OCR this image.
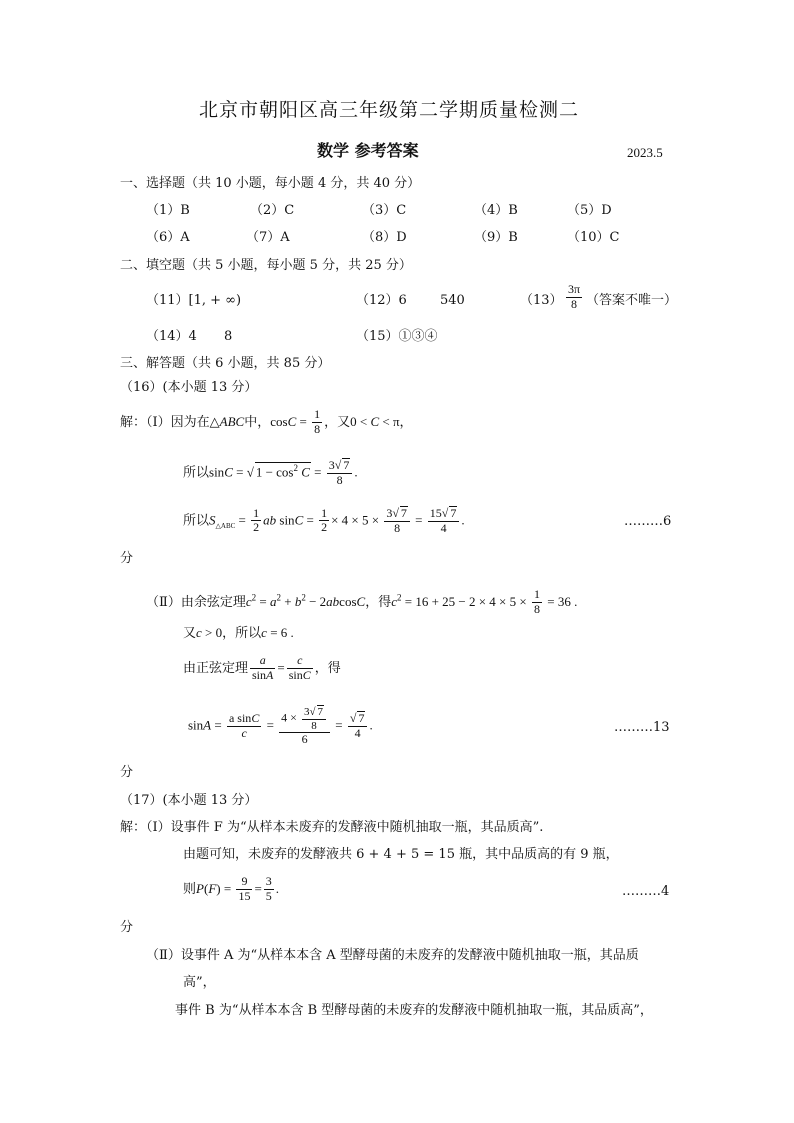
北京市朝阳区高三年级第二学期质量检测二
数学 参考答案	2023.5
一、选择题（共 10 小题，每小题 4 分，共 40 分）
（1）B	（2）C	（3）C	（4）B	（5）D
（6）A	（7）A	（8）D	（9）B	（10）C
二、填空题（共 5 小题，每小题 5 分，共 25 分）
（11）[1, + ∞)	（12）6	540	$(13) \frac{3\pi}{8}$ （答案不唯一）
（14）4 8	（15）①③④
三、解答题（共 6 小题，共 85 分）
（16）(本小题 13 分）
解：（Ⅰ）因为在△ABC中，$\cos C = \frac{1}{8}$ ，又0 < C < π，
所以sinC = √ $1 - \cos^2 C = \frac{3√ 7}{8}$ .
所以$S_{\triangle ABC} = \frac{1}{2}$ ab $\sin C = \frac{1}{2} \times 4 \times 5 \times \frac{3√ 7}{8} = \frac{15√ 7}{4}$ .	………6
分
（Ⅱ）由余弦定理$c^2 = a^2 + b^2 - 2abcosC$，得$c^2 = 16 + 25 - 2 \times 4 \times 5 \times \frac{1}{8} = 36$ .
又c > 0，所以c = 6 .
由正弦定理 $\frac{a}{\sin A} = \frac{c}{\sin C}$ ，得
$\sin A = \frac{\text{a sinC}}{c} = \frac{4 \times \frac{3√ 7}{8}}{6} = \frac{√ 7}{4}$ .	………13
分
（17）(本小题 13 分）
解：（Ⅰ）设事件 F 为“从样本未废弃的发酵液中随机抽取一瓶，其品质高”.
由题可知，未废弃的发酵液共 6 + 4 + 5 = 15 瓶，其中品质高的有 9 瓶，
则$P(F) = \frac{9}{15} = \frac{3}{5}$ .	………4
分
（Ⅱ）设事件 A 为“从样本本含 A 型酵母菌的未废弃的发酵液中随机抽取一瓶，其品质
高”，
事件 B 为“从样本本含 B 型酵母菌的未废弃的发酵液中随机抽取一瓶，其品质高”，
